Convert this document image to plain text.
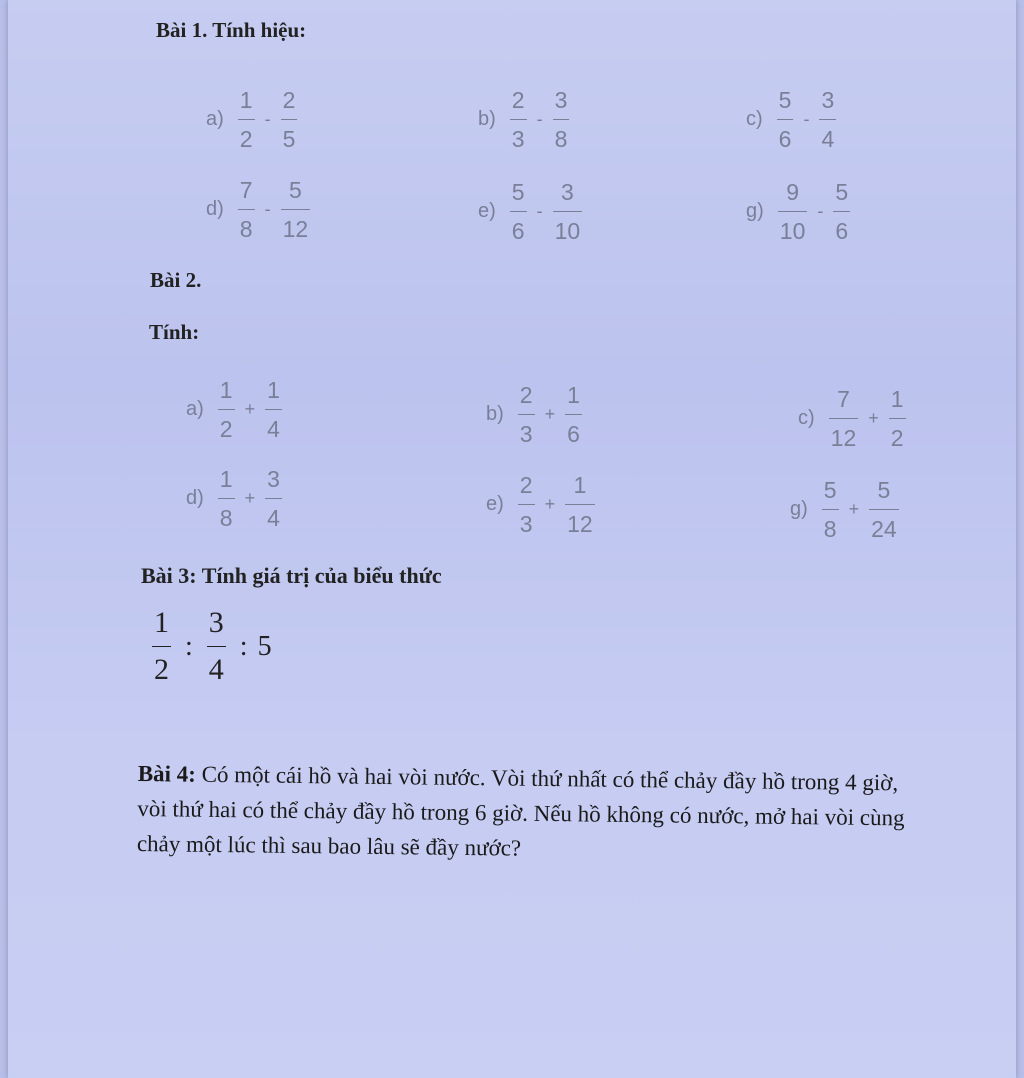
Bài 1. Tính hiệu:
$a) \frac{1}{2} - \frac{2}{5}$	$b) \frac{2}{3} - \frac{3}{8}$	$c) \frac{5}{6} - \frac{3}{4}$
$d) \frac{7}{8} - \frac{5}{12}$	$e) \frac{5}{6} - \frac{3}{10}$	$g) \frac{9}{10} - \frac{5}{6}$
Bài 2.
Tính:
$a) \frac{1}{2} + \frac{1}{4}$	$b) \frac{2}{3} + \frac{1}{6}$	$c) \frac{7}{12} + \frac{1}{2}$
$d) \frac{1}{8} + \frac{3}{4}$	$e) \frac{2}{3} + \frac{1}{12}$	$g) \frac{5}{8} + \frac{5}{24}$
Bài 3: Tính giá trị của biểu thức
$\frac{1}{2}$ : $\frac{3}{4}$ : 5
Bài 4: Có một cái hồ và hai vòi nước. Vòi thứ nhất có thể chảy đầy hồ trong 4 giờ, vòi thứ hai có thể chảy đầy hồ trong 6 giờ. Nếu hồ không có nước, mở hai vòi cùng chảy một lúc thì sau bao lâu sẽ đầy nước?
